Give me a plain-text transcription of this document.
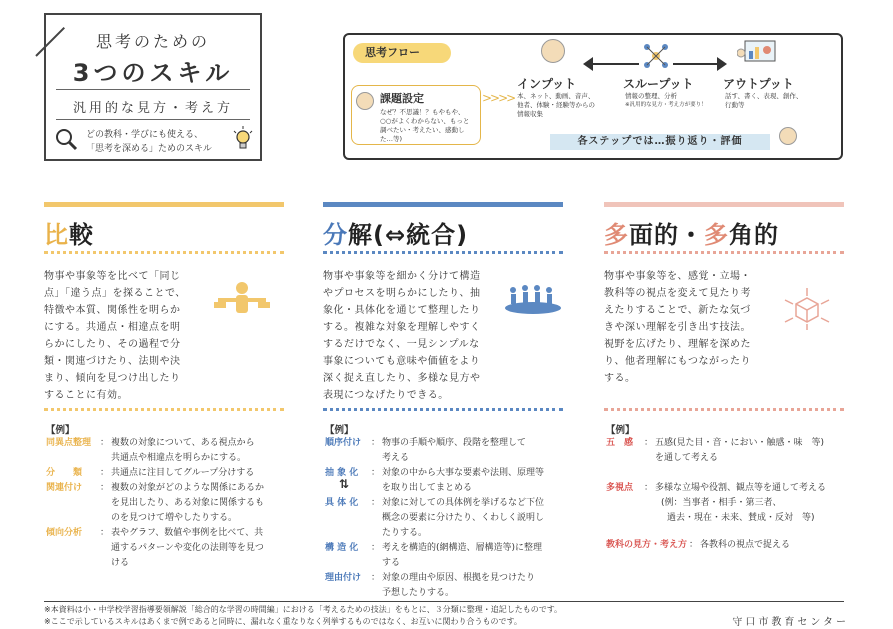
思考のための
3つのスキル
汎用的な見方・考え方
どの教科・学びにも使える、
「思考を深める」ためのスキル
思考フロー
課題設定
なぜ？不思議！？もやもや、○○がよくわからない、もっと調べたい・考えたい、感動した…等)
>>>>
インプット
本、ネット、動画、音声、
他者、体験・経験等からの
情報収集
スループット
情報の整理、分析
※汎用的な見方・考え方が要り！
アウトプット
話す、書く、表現、創作、
行動等
各ステップでは…振り返り・評価
比較
物事や事象等を比べて「同じ
点」「違う点」を探ることで、
特徴や本質、関係性を明らか
にする。共通点・相違点を明
らかにしたり、その過程で分
類・関連づけたり、法則や決
まり、傾向を見つけ出したり
することに有効。
【例】
同異点整理 ： 複数の対象について、ある視点から
共通点や相違点を明らかにする。
分　　類	： 共通点に注目してグループ分けする
関連付け	： 複数の対象がどのような関係にあるか
を見出したり、ある対象に関係するも
のを見つけて増やしたりする。
傾向分析	： 表やグラフ、数値や事例を比べて、共
通するパターンや変化の法則等を見つ
ける
分解(⇔統合)
物事や事象等を細かく分けて構造
やプロセスを明らかにしたり、抽
象化・具体化を通じて整理したり
する。複雑な対象を理解しやすく
するだけでなく、一見シンプルな
事象についても意味や価値をより
深く捉え直したり、多様な見方や
表現につなげたりできる。
【例】
順序付け	： 物事の手順や順序、段階を整理して
考える
抽 象 化	： 対象の中から大事な要素や法則、原理等
を取り出してまとめる
⇅
具 体 化	： 対象に対しての具体例を挙げるなど下位
概念の要素に分けたり、くわしく説明し
たりする。
構 造 化	： 考えを構造的(網構造、層構造等)に整理
する
理由付け	： 対象の理由や原因、根拠を見つけたり
予想したりする。
多面的・多角的
物事や事象等を、感覚・立場・
教科等の視点を変えて見たり考
えたりすることで、新たな気づ
きや深い理解を引き出す技法。
視野を広げたり、理解を深めた
り、他者理解にもつながったり
する。
【例】
五　感	： 五感(見た目・音・におい・触感・味　等)
を通して考える
多視点	： 多様な立場や役割、観点等を通して考える
(例：当事者・相手・第三者、
過去・現在・未来、賛成・反対　等)
教科の見方・考え方 ： 各教科の視点で捉える
※本資料は小・中学校学習指導要領解説「総合的な学習の時間編」における「考えるための技法」をもとに、３分類に整理・追記したものです。
※ここで示しているスキルはあくまで例であると同時に、漏れなく重なりなく列挙するものではなく、お互いに関わり合うものです。	守口市教育センター
